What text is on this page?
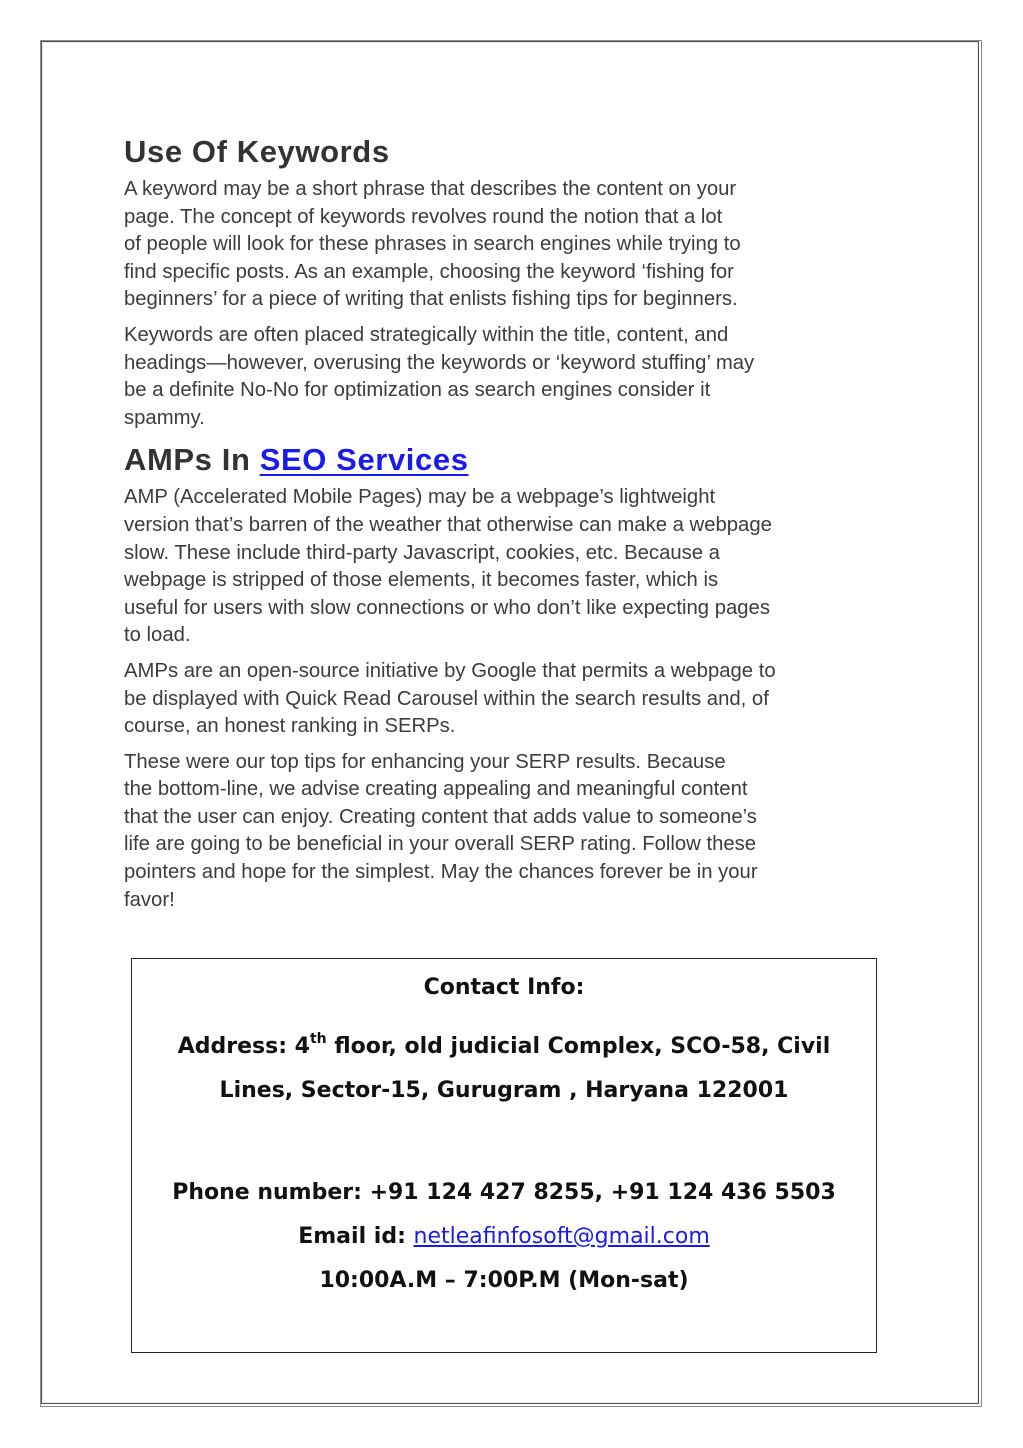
Use Of Keywords

A keyword may be a short phrase that describes the content on your
page. The concept of keywords revolves round the notion that a lot
of people will look for these phrases in search engines while trying to
find specific posts. As an example, choosing the keyword ‘fishing for
beginners’ for a piece of writing that enlists fishing tips for beginners.

Keywords are often placed strategically within the title, content, and
headings—however, overusing the keywords or ‘keyword stuffing’ may
be a definite No-No for optimization as search engines consider it
spammy.

AMPs In SEO Services

AMP (Accelerated Mobile Pages) may be a webpage’s lightweight
version that’s barren of the weather that otherwise can make a webpage
slow. These include third-party Javascript, cookies, etc. Because a
webpage is stripped of those elements, it becomes faster, which is
useful for users with slow connections or who don’t like expecting pages
to load.

AMPs are an open-source initiative by Google that permits a webpage to
be displayed with Quick Read Carousel within the search results and, of
course, an honest ranking in SERPs.

These were our top tips for enhancing your SERP results. Because
the bottom-line, we advise creating appealing and meaningful content
that the user can enjoy. Creating content that adds value to someone’s
life are going to be beneficial in your overall SERP rating. Follow these
pointers and hope for the simplest. May the chances forever be in your
favor!

Contact Info:
Address: 4th floor, old judicial Complex, SCO-58, Civil
Lines, Sector-15, Gurugram , Haryana 122001
Phone number: +91 124 427 8255, +91 124 436 5503
Email id: netleafinfosoft@gmail.com
10:00A.M – 7:00P.M (Mon-sat)
